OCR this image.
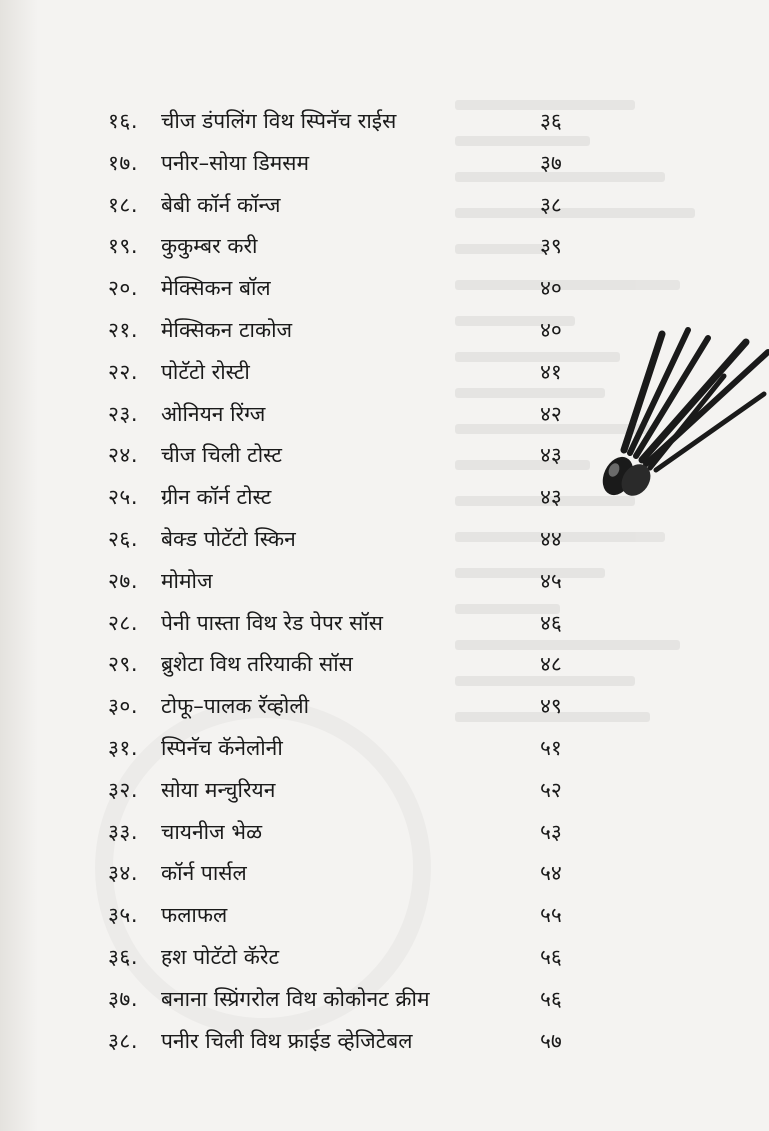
१६. चीज डंपलिंग विथ स्पिनॅच राईस	३६
१७. पनीर–सोया डिमसम	३७
१८. बेबी कॉर्न कॉन्ज	३८
१९. कुकुम्बर करी	३९
२०. मेक्सिकन बॉल	४०
२१. मेक्सिकन टाकोज	४०
२२. पोटॅटो रोस्टी	४१
२३. ओनियन रिंग्ज	४२
२४. चीज चिली टोस्ट	४३
२५. ग्रीन कॉर्न टोस्ट	४३
२६. बेक्ड पोटॅटो स्किन	४४
२७. मोमोज	४५
२८. पेनी पास्ता विथ रेड पेपर सॉस	४६
२९. ब्रुशेटा विथ तरियाकी सॉस	४८
३०. टोफू–पालक रॅव्होली	४९
३१. स्पिनॅच कॅनेलोनी	५१
३२. सोया मन्चुरियन	५२
३३. चायनीज भेळ	५३
३४. कॉर्न पार्सल	५४
३५. फलाफल	५५
३६. हश पोटॅटो कॅरेट	५६
३७. बनाना स्प्रिंगरोल विथ कोकोनट क्रीम	५६
३८. पनीर चिली विथ फ्राईड व्हेजिटेबल	५७
